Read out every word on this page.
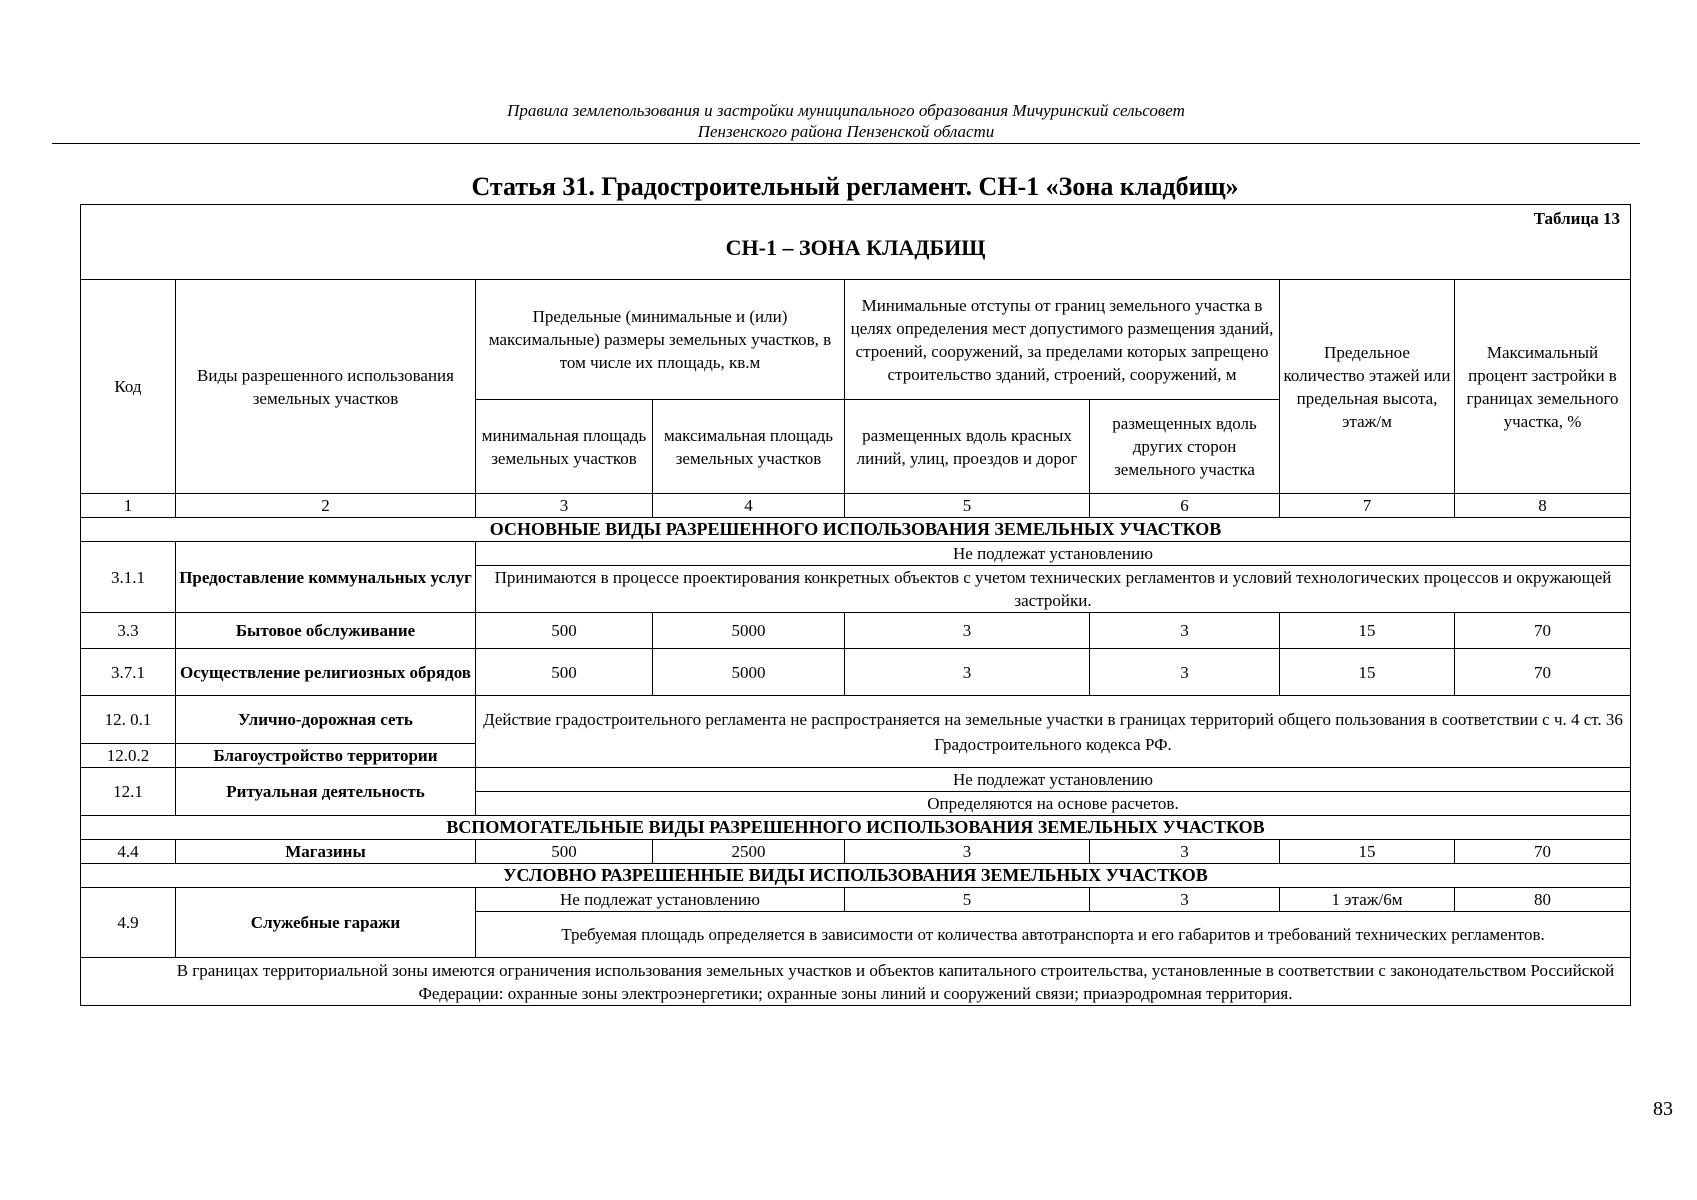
Правила землепользования и застройки муниципального образования Мичуринский сельсовет
Пензенского района Пензенской области
Статья 31. Градостроительный регламент. СН-1 «Зона кладбищ»
Таблица 13
СН-1 – ЗОНА КЛАДБИЩ							

Код	Виды разрешенного использования земельных участков	Предельные (минимальные и (или) максимальные) размеры земельных участков, в том числе их площадь, кв.м		Минимальные отступы от границ земельного участка в целях определения мест допустимого размещения зданий, строений, сооружений, за пределами которых запрещено строительство зданий, строений, сооружений, м		Предельное количество этажей или предельная высота, этаж/м	Максимальный процент застройки в границах земельного участка, %
		минимальная площадь земельных участков	максимальная площадь земельных участков	размещенных вдоль красных линий, улиц, проездов и дорог	размещенных вдоль других сторон земельного участка		
1	2	3	4	5	6	7	8
ОСНОВНЫЕ ВИДЫ РАЗРЕШЕННОГО ИСПОЛЬЗОВАНИЯ ЗЕМЕЛЬНЫХ УЧАСТКОВ							
3.1.1	Предоставление коммунальных услуг	Не подлежат установлению					
		Принимаются в процессе проектирования конкретных объектов с учетом технических регламентов и условий технологических процессов и окружающей застройки.					
3.3	Бытовое обслуживание	500	5000	3	3	15	70
3.7.1	Осуществление религиозных обрядов	500	5000	3	3	15	70
12. 0.1	Улично-дорожная сеть	Действие градостроительного регламента не распространяется на земельные участки в границах территорий общего пользования в соответствии с ч. 4 ст. 36 Градостроительного кодекса РФ.					
12.0.2	Благоустройство территории						
12.1	Ритуальная деятельность	Не подлежат установлению					
		Определяются на основе расчетов.					
ВСПОМОГАТЕЛЬНЫЕ ВИДЫ РАЗРЕШЕННОГО ИСПОЛЬЗОВАНИЯ ЗЕМЕЛЬНЫХ УЧАСТКОВ							
4.4	Магазины	500	2500	3	3	15	70
УСЛОВНО РАЗРЕШЕННЫЕ ВИДЫ ИСПОЛЬЗОВАНИЯ ЗЕМЕЛЬНЫХ УЧАСТКОВ							
4.9	Служебные гаражи	Не подлежат установлению		5	3	1 этаж/6м	80
		Требуемая площадь определяется в зависимости от количества автотранспорта и его габаритов и требований технических регламентов.					
В границах территориальной зоны имеются ограничения использования земельных участков и объектов капитального строительства, установленные в соответствии с законодательством Российской Федерации: охранные зоны электроэнергетики; охранные зоны линий и сооружений связи; приаэродромная территория.							
83
